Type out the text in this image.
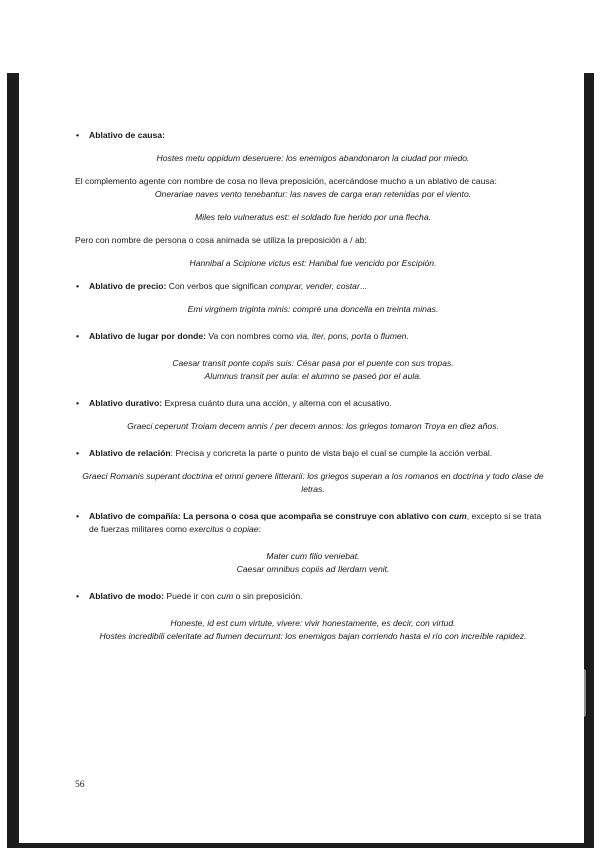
• Ablativo de causa:

Hostes metu oppidum deseruere: los enemigos abandonaron la ciudad por miedo.

El complemento agente con nombre de cosa no lleva preposición, acercándose mucho a un ablativo de causa:

Onerariae naves vento tenebantur: las naves de carga eran retenidas por el viento.

Miles telo vulneratus est: el soldado fue herido por una flecha.

Pero con nombre de persona o cosa animada se utiliza la preposición a / ab:

Hannibal a Scipione victus est: Hanibal fue vencido por Escipión.

• Ablativo de precio: Con verbos que significan comprar, vender, costar...

Emi virginem triginta minis: compré una doncella en treinta minas.

• Ablativo de lugar por donde: Va con nombres como via, iter, pons, porta o flumen.

Caesar transit ponte copiis suis: César pasa por el puente con sus tropas.

Alumnus transit per aula: el alumno se paseó por el aula.

• Ablativo durativo: Expresa cuánto dura una acción, y alterna con el acusativo.

Graeci ceperunt Troiam decem annis / per decem annos: los griegos tomaron Troya en diez años.

• Ablativo de relación: Precisa y concreta la parte o punto de vista bajo el cual se cumple la acción verbal.

Graeci Romanis superant doctrina et omni genere litterarii: los griegos superan a los romanos en doctrina y todo clase de letras.

• Ablativo de compañía: La persona o cosa que acompaña se construye con ablativo con cum, excepto si se trata de fuerzas militares como exercitus o copiae:

Mater cum filio veniebat.

Caesar omnibus copiis ad Ilerdam venit.

• Ablativo de modo: Puede ir con cum o sin preposición.

Honeste, id est cum virtute, vivere: vivir honestamente, es decir, con virtud.

Hostes incredibili celeritate ad flumen decurrunt: los enemigos bajan corriendo hasta el río con increíble rapidez.

56
